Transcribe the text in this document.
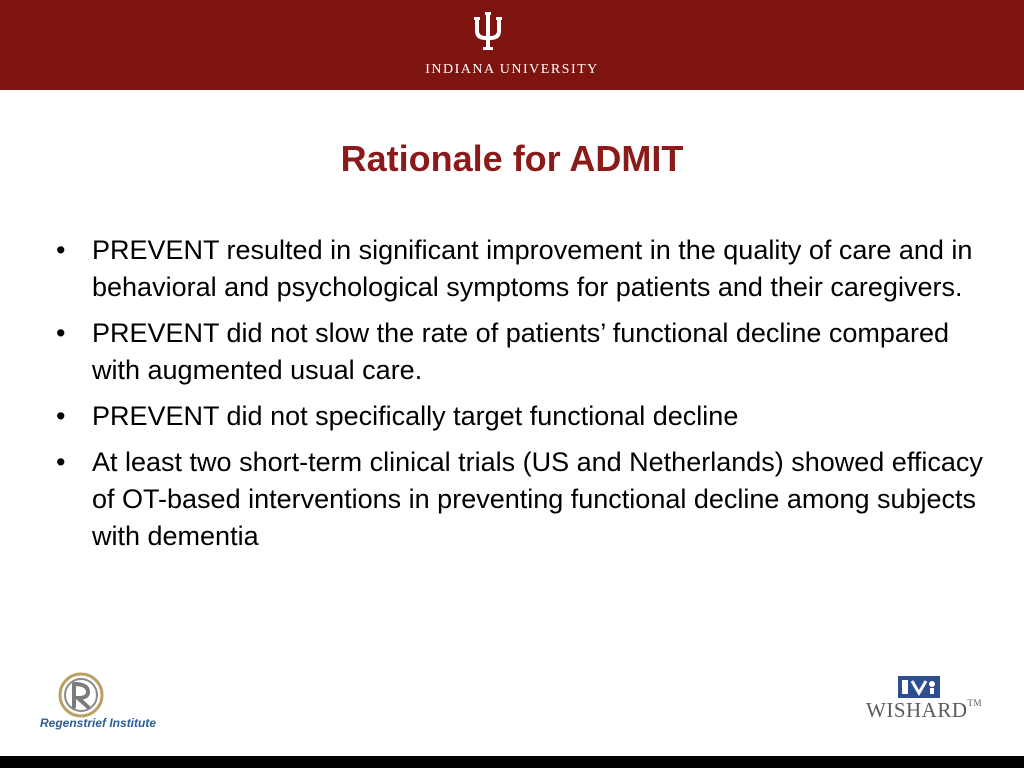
INDIANA UNIVERSITY
Rationale for ADMIT
• PREVENT resulted in significant improvement in the quality of care and in behavioral and psychological symptoms for patients and their caregivers.
• PREVENT did not slow the rate of patients’ functional decline compared with augmented usual care.
• PREVENT did not specifically target functional decline
• At least two short-term clinical trials (US and Netherlands) showed efficacy of OT-based interventions in preventing functional decline among subjects with dementia
Regenstrief Institute
WISHARD™
